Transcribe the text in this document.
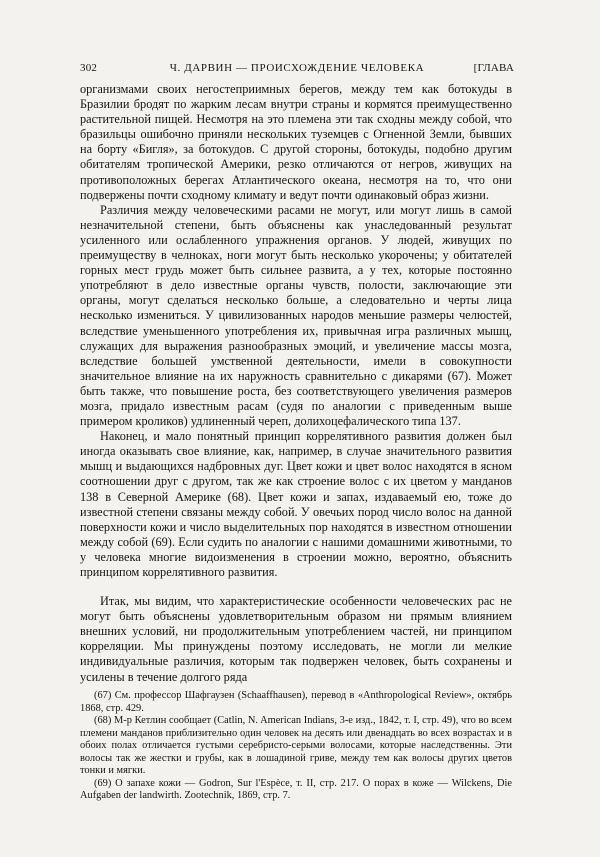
302	Ч. ДАРВИН — ПРОИСХОЖДЕНИЕ ЧЕЛОВЕКА	[ГЛАВА

организмами своих негостеприимных берегов, между тем как ботокуды в Бразилии бродят по жарким лесам внутри страны и кормятся преимущественно растительной пищей. Несмотря на это племена эти так сходны между собой, что бразильцы ошибочно приняли нескольких туземцев с Огненной Земли, бывших на борту «Бигля», за ботокудов. С другой стороны, ботокуды, подобно другим обитателям тропической Америки, резко отличаются от негров, живущих на противоположных берегах Атлантического океана, несмотря на то, что они подвержены почти сходному климату и ведут почти одинаковый образ жизни.

Различия между человеческими расами не могут, или могут лишь в самой незначительной степени, быть объяснены как унаследованный результат усиленного или ослабленного упражнения органов. У людей, живущих по преимуществу в челноках, ноги могут быть несколько укорочены; у обитателей горных мест грудь может быть сильнее развита, а у тех, которые постоянно употребляют в дело известные органы чувств, полости, заключающие эти органы, могут сделаться несколько больше, а следовательно и черты лица несколько измениться. У цивилизованных народов меньшие размеры челюстей, вследствие уменьшенного употребления их, привычная игра различных мышц, служащих для выражения разнообразных эмоций, и увеличение массы мозга, вследствие большей умственной деятельности, имели в совокупности значительное влияние на их наружность сравнительно с дикарями (67). Может быть также, что повышение роста, без соответствующего увеличения размеров мозга, придало известным расам (судя по аналогии с приведенным выше примером кроликов) удлиненный череп, долихоцефалического типа 137.

Наконец, и мало понятный принцип коррелятивного развития должен был иногда оказывать свое влияние, как, например, в случае значительного развития мышц и выдающихся надбровных дуг. Цвет кожи и цвет волос находятся в ясном соотношении друг с другом, так же как строение волос с их цветом у манданов 138 в Северной Америке (68). Цвет кожи и запах, издаваемый ею, тоже до известной степени связаны между собой. У овечьих пород число волос на данной поверхности кожи и число выделительных пор находятся в известном отношении между собой (69). Если судить по аналогии с нашими домашними животными, то у человека многие видоизменения в строении можно, вероятно, объяснить принципом коррелятивного развития.

Итак, мы видим, что характеристические особенности человеческих рас не могут быть объяснены удовлетворительным образом ни прямым влиянием внешних условий, ни продолжительным употреблением частей, ни принципом корреляции. Мы принуждены поэтому исследовать, не могли ли мелкие индивидуальные различия, которым так подвержен человек, быть сохранены и усилены в течение долгого ряда

(67) См. профессор Шафгаузен (Schaaffhausen), перевод в «Anthropological Review», октябрь 1868, стр. 429.

(68) М-р Кетлин сообщает (Catlin, N. American Indians, 3-е изд., 1842, т. I, стр. 49), что во всем племени манданов приблизительно один человек на десять или двенадцать во всех возрастах и в обоих полах отличается густыми серебристо-серыми волосами, которые наследственны. Эти волосы так же жестки и грубы, как в лошадиной гриве, между тем как волосы других цветов тонки и мягки.

(69) О запахе кожи — Godron, Sur l'Espèce, т. II, стр. 217. О порах в коже — Wilckens, Die Aufgaben der landwirth. Zootechnik, 1869, стр. 7.
